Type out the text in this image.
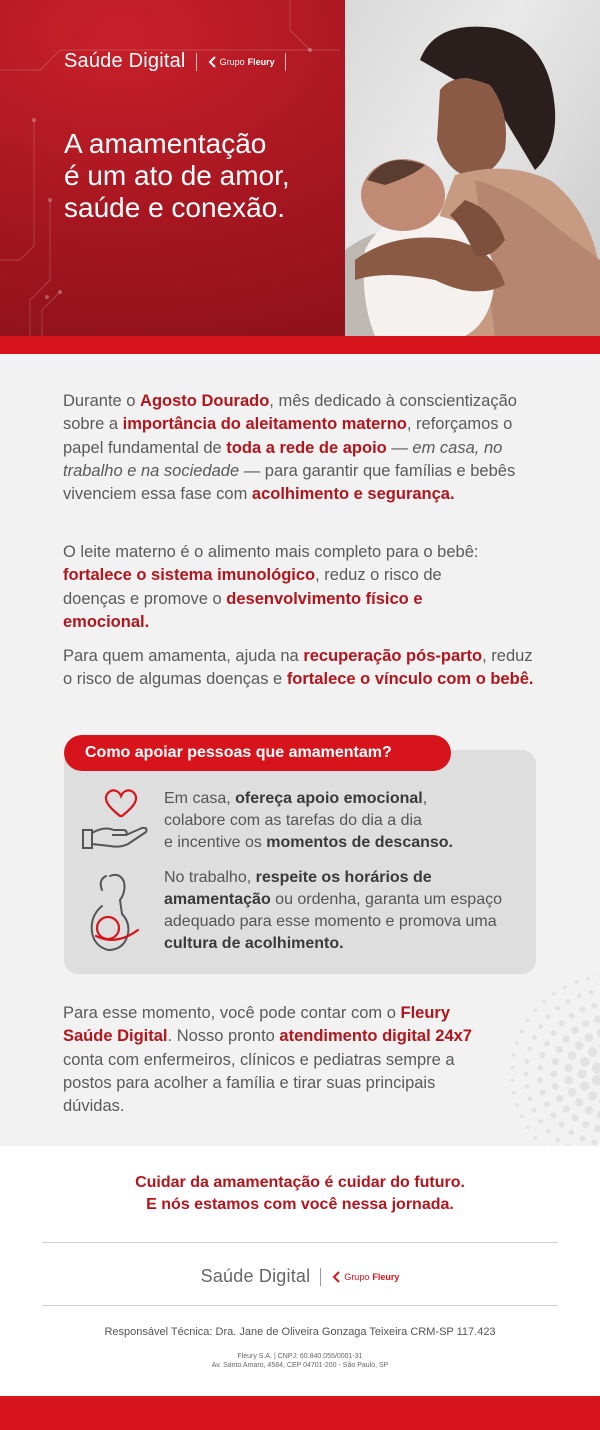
Saúde Digital	Grupo Fleury
A amamentação
é um ato de amor,
saúde e conexão.

Durante o Agosto Dourado, mês dedicado à conscientização sobre a importância do aleitamento materno, reforçamos o papel fundamental de toda a rede de apoio — em casa, no trabalho e na sociedade — para garantir que famílias e bebês vivenciem essa fase com acolhimento e segurança.

O leite materno é o alimento mais completo para o bebê: fortalece o sistema imunológico, reduz o risco de doenças e promove o desenvolvimento físico e emocional.

Para quem amamenta, ajuda na recuperação pós-parto, reduz o risco de algumas doenças e fortalece o vínculo com o bebê.

Como apoiar pessoas que amamentam?

Em casa, ofereça apoio emocional,
colabore com as tarefas do dia a dia
e incentive os momentos de descanso.

No trabalho, respeite os horários de amamentação ou ordenha, garanta um espaço adequado para esse momento e promova uma cultura de acolhimento.

Para esse momento, você pode contar com o Fleury Saúde Digital. Nosso pronto atendimento digital 24x7 conta com enfermeiros, clínicos e pediatras sempre a postos para acolher a família e tirar suas principais dúvidas.

Cuidar da amamentação é cuidar do futuro.
E nós estamos com você nessa jornada.
Saúde Digital	Grupo Fleury
Responsável Técnica: Dra. Jane de Oliveira Gonzaga Teixeira CRM-SP 117.423
Fleury S.A. | CNPJ: 60.840.055/0001-31
Av. Santo Amaro, 4584, CEP 04701-200 - São Paulo, SP
